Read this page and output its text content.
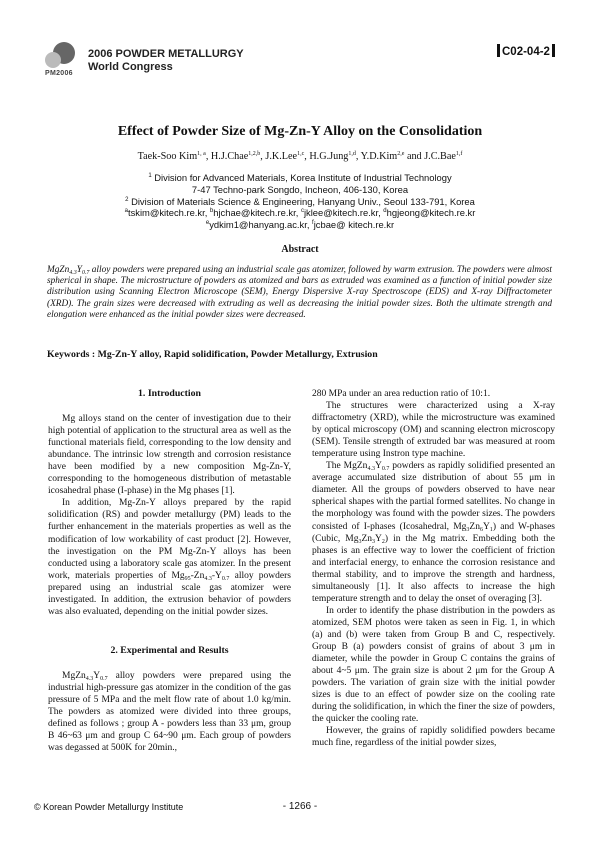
PM2006
2006 POWDER METALLURGY
World Congress
C02-04-2
Effect of Powder Size of Mg-Zn-Y Alloy on the Consolidation
Taek-Soo Kim$^{1, a}$, H.J.Chae$^{1,2,b}$, J.K.Lee$^{1,c}$, H.G.Jung$^{1,d}$, Y.D.Kim$^{2,e}$ and J.C.Bae$^{1,f}$
$^1$ Division for Advanced Materials, Korea Institute of Industrial Technology
7-47 Techno-park Songdo, Incheon, 406-130, Korea
$^2$ Division of Materials Science & Engineering, Hanyang Univ., Seoul 133-791, Korea
$^a$tskim@kitech.re.kr, $^b$hjchae@kitech.re.kr, $^c$jklee@kitech.re.kr, $^d$hgjeong@kitech.re.kr
$^e$ydkim1@hanyang.ac.kr, $^f$jcbae@ kitech.re.kr
Abstract
$MgZn_{4.3}Y_{0.7}$ alloy powders were prepared using an industrial scale gas atomizer, followed by warm extrusion. The powders were almost spherical in shape. The microstructure of powders as atomized and bars as extruded was examined as a function of initial powder size distribution using Scanning Electron Microscope (SEM), Energy Dispersive X-ray Spectroscope (EDS) and X-ray Diffractometer (XRD). The grain sizes were decreased with extruding as well as decreasing the initial powder sizes. Both the ultimate strength and elongation were enhanced as the initial powder sizes were decreased.
Keywords : Mg-Zn-Y alloy, Rapid solidification, Powder Metallurgy, Extrusion
1. Introduction

Mg alloys stand on the center of investigation due to their high potential of application to the structural area as well as the functional materials field, corresponding to the low density and abundance. The intrinsic low strength and corrosion resistance have been modified by a new composition Mg-Zn-Y, corresponding to the homogeneous distribution of metastable icosahedral phase (I-phase) in the Mg phases [1].

In addition, Mg-Zn-Y alloys prepared by the rapid solidification (RS) and powder metallurgy (PM) leads to the further enhancement in the materials properties as well as the modification of low workability of cast product [2]. However, the investigation on the PM Mg-Zn-Y alloys has been conducted using a laboratory scale gas atomizer. In the present work, materials properties of $Mg_{95}-Zn_{4.3}-Y_{0.7}$ alloy powders prepared using an industrial scale gas atomizer were investigated. In addition, the extrusion behavior of powders was also evaluated, depending on the initial powder sizes.

2. Experimental and Results

$MgZn_{4.3}Y_{0.7}$ alloy powders were prepared using the industrial high-pressure gas atomizer in the condition of the gas pressure of 5 MPa and the melt flow rate of about 1.0 kg/min. The powders as atomized were divided into three groups, defined as follows ; group A - powders less than 33 μm, group B 46~63 μm and group C 64~90 μm. Each group of powders was degassed at 500K for 20min.,

280 MPa under an area reduction ratio of 10:1.

The structures were characterized using a X-ray diffractometry (XRD), while the microstructure was examined by optical microscopy (OM) and scanning electron microscopy (SEM). Tensile strength of extruded bar was measured at room temperature using Instron type machine.

The $MgZn_{4.3}Y_{0.7}$ powders as rapidly solidified presented an average accumulated size distribution of about 55 μm in diameter. All the groups of powders observed to have near spherical shapes with the partial formed satellites. No change in the morphology was found with the powder sizes. The powders consisted of I-phases (Icosahedral, $Mg_3Zn_6Y_1$) and W-phases (Cubic, $Mg_3Zn_3Y_2$) in the Mg matrix. Embedding both the phases is an effective way to lower the coefficient of friction and interfacial energy, to enhance the corrosion resistance and thermal stability, and to improve the strength and hardness, simultaneously [1]. It also affects to increase the high temperature strength and to delay the onset of overaging [3].

In order to identify the phase distribution in the powders as atomized, SEM photos were taken as seen in Fig. 1, in which (a) and (b) were taken from Group B and C, respectively. Group B (a) powders consist of grains of about 3 μm in diameter, while the powder in Group C contains the grains of about 4~5 μm. The grain size is about 2 μm for the Group A powders. The variation of grain size with the initial powder sizes is due to an effect of powder size on the cooling rate during the solidification, in which the finer the size of powders, the quicker the cooling rate.

However, the grains of rapidly solidified powders became much fine, regardless of the initial powder sizes,

© Korean Powder Metallurgy Institute	- 1266 -
